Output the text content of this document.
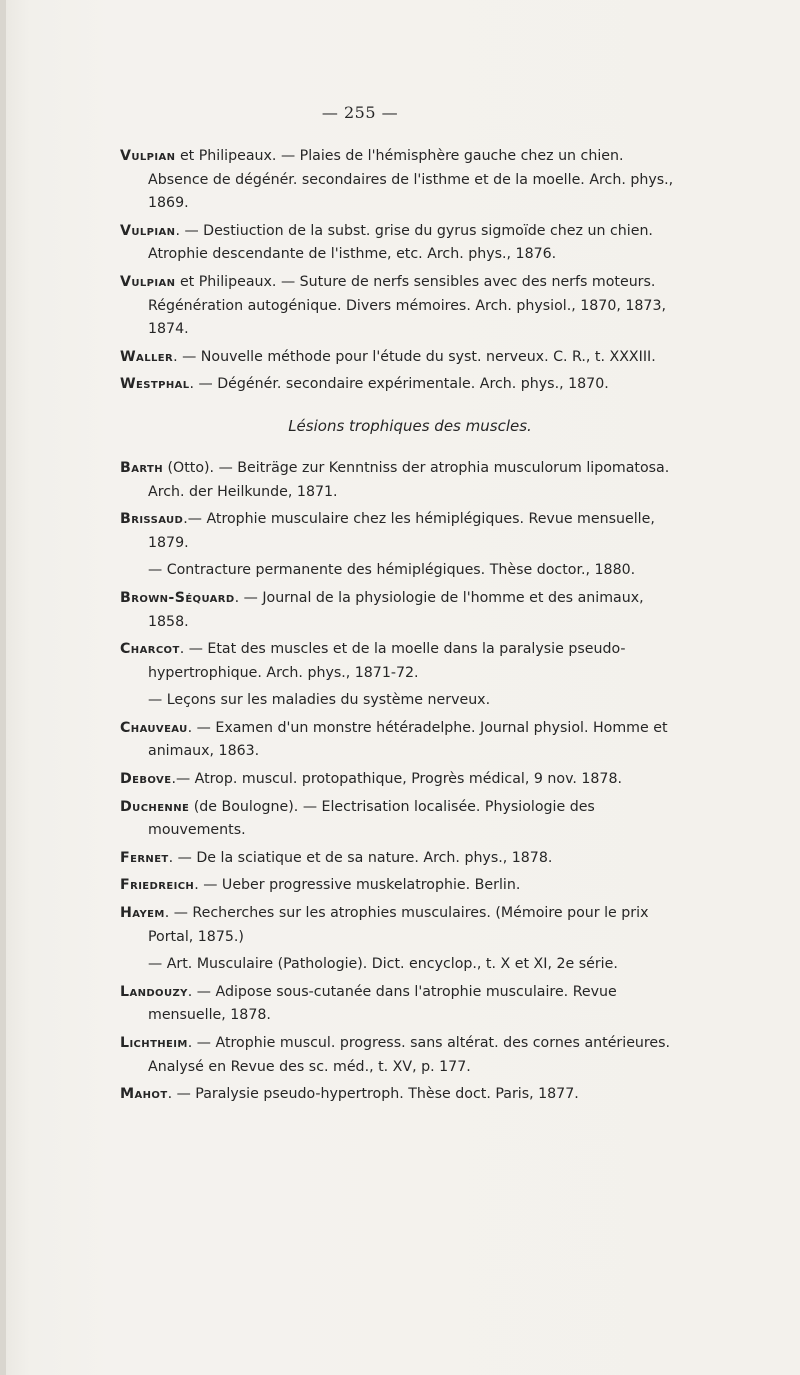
— 255 —

Vulpian et Philipeaux. — Plaies de l'hémisphère gauche chez un chien. Absence de dégénér. secondaires de l'isthme et de la moelle. Arch. phys., 1869.

Vulpian. — Destiuction de la subst. grise du gyrus sigmoïde chez un chien. Atrophie descendante de l'isthme, etc. Arch. phys., 1876.

Vulpian et Philipeaux. — Suture de nerfs sensibles avec des nerfs moteurs. Régénération autogénique. Divers mémoires. Arch. physiol., 1870, 1873, 1874.

Waller. — Nouvelle méthode pour l'étude du syst. nerveux. C. R., t. XXXIII.

Westphal. — Dégénér. secondaire expérimentale. Arch. phys., 1870.

Lésions trophiques des muscles.

Barth (Otto). — Beiträge zur Kenntniss der atrophia musculorum lipomatosa. Arch. der Heilkunde, 1871.

Brissaud.— Atrophie musculaire chez les hémiplégiques. Revue mensuelle, 1879.

— Contracture permanente des hémiplégiques. Thèse doctor., 1880.

Brown-Séquard. — Journal de la physiologie de l'homme et des animaux, 1858.

Charcot. — Etat des muscles et de la moelle dans la paralysie pseudo-hypertrophique. Arch. phys., 1871-72.

— Leçons sur les maladies du système nerveux.

Chauveau. — Examen d'un monstre hétéradelphe. Journal physiol. Homme et animaux, 1863.

Debove.— Atrop. muscul. protopathique, Progrès médical, 9 nov. 1878.

Duchenne (de Boulogne). — Electrisation localisée. Physiologie des mouvements.

Fernet. — De la sciatique et de sa nature. Arch. phys., 1878.

Friedreich. — Ueber progressive muskelatrophie. Berlin.

Hayem. — Recherches sur les atrophies musculaires. (Mémoire pour le prix Portal, 1875.)

— Art. Musculaire (Pathologie). Dict. encyclop., t. X et XI, 2e série.

Landouzy. — Adipose sous-cutanée dans l'atrophie musculaire. Revue mensuelle, 1878.

Lichtheim. — Atrophie muscul. progress. sans altérat. des cornes antérieures. Analysé en Revue des sc. méd., t. XV, p. 177.

Mahot. — Paralysie pseudo-hypertroph. Thèse doct. Paris, 1877.
